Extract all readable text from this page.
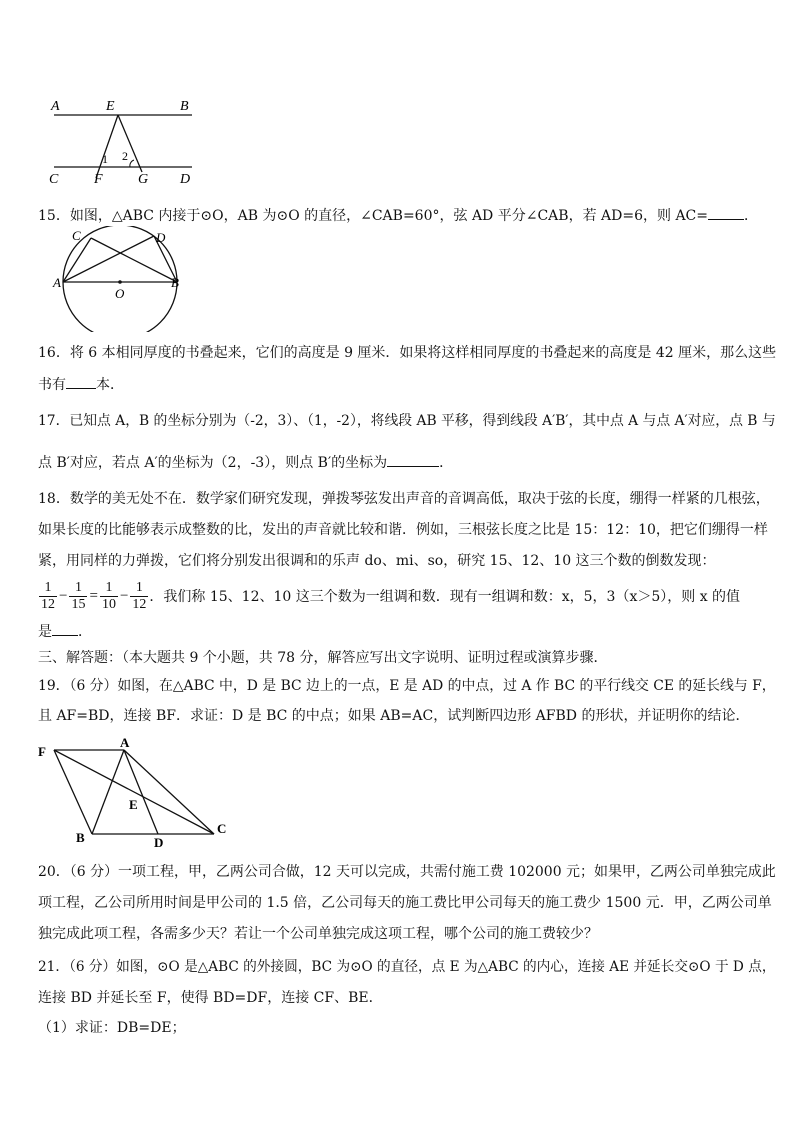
A	E	B
C	F	G D
1 2
15．如图，△ABC 内接于⊙O，AB 为⊙O 的直径，∠CAB=60°，弦 AD 平分∠CAB，若 AD=6，则 AC=	．
C	D
A
O
B
16．将 6 本相同厚度的书叠起来，它们的高度是 9 厘米．如果将这样相同厚度的书叠起来的高度是 42 厘米，那么这些
书有 本．
17．已知点 A，B 的坐标分别为（-2，3）、（1，-2），将线段 AB 平移，得到线段 A′B′，其中点 A 与点 A′对应，点 B 与
点 B′对应，若点 A′的坐标为（2，-3），则点 B′的坐标为	．
18．数学的美无处不在．数学家们研究发现，弹拨琴弦发出声音的音调高低，取决于弦的长度，绷得一样紧的几根弦，
如果长度的比能够表示成整数的比，发出的声音就比较和谐．例如，三根弦长度之比是 15：12：10，把它们绷得一样
紧，用同样的力弹拨，它们将分别发出很调和的乐声 do、mi、so，研究 15、12、10 这三个数的倒数发现：
$\frac{1}{12} - \frac{1}{15} = \frac{1}{10} - \frac{1}{12}$ ．我们称 15、12、10 这三个数为一组调和数．现有一组调和数：x，5，3（x＞5），则 x 的值
是 ．
三、解答题：（本大题共 9 个小题，共 78 分，解答应写出文字说明、证明过程或演算步骤．
19．（6 分）如图，在△ABC 中，D 是 BC 边上的一点，E 是 AD 的中点，过 A 作 BC 的平行线交 CE 的延长线与 F，
且 AF=BD，连接 BF．求证：D 是 BC 的中点；如果 AB=AC，试判断四边形 AFBD 的形状，并证明你的结论．
F
A
E
B	D
C
20．（6 分）一项工程，甲，乙两公司合做，12 天可以完成，共需付施工费 102000 元；如果甲，乙两公司单独完成此
项工程，乙公司所用时间是甲公司的 1.5 倍，乙公司每天的施工费比甲公司每天的施工费少 1500 元．甲，乙两公司单
独完成此项工程，各需多少天？若让一个公司单独完成这项工程，哪个公司的施工费较少？
21．（6 分）如图，⊙O 是△ABC 的外接圆，BC 为⊙O 的直径，点 E 为△ABC 的内心，连接 AE 并延长交⊙O 于 D 点，
连接 BD 并延长至 F，使得 BD=DF，连接 CF、BE．
（1）求证：DB=DE；
